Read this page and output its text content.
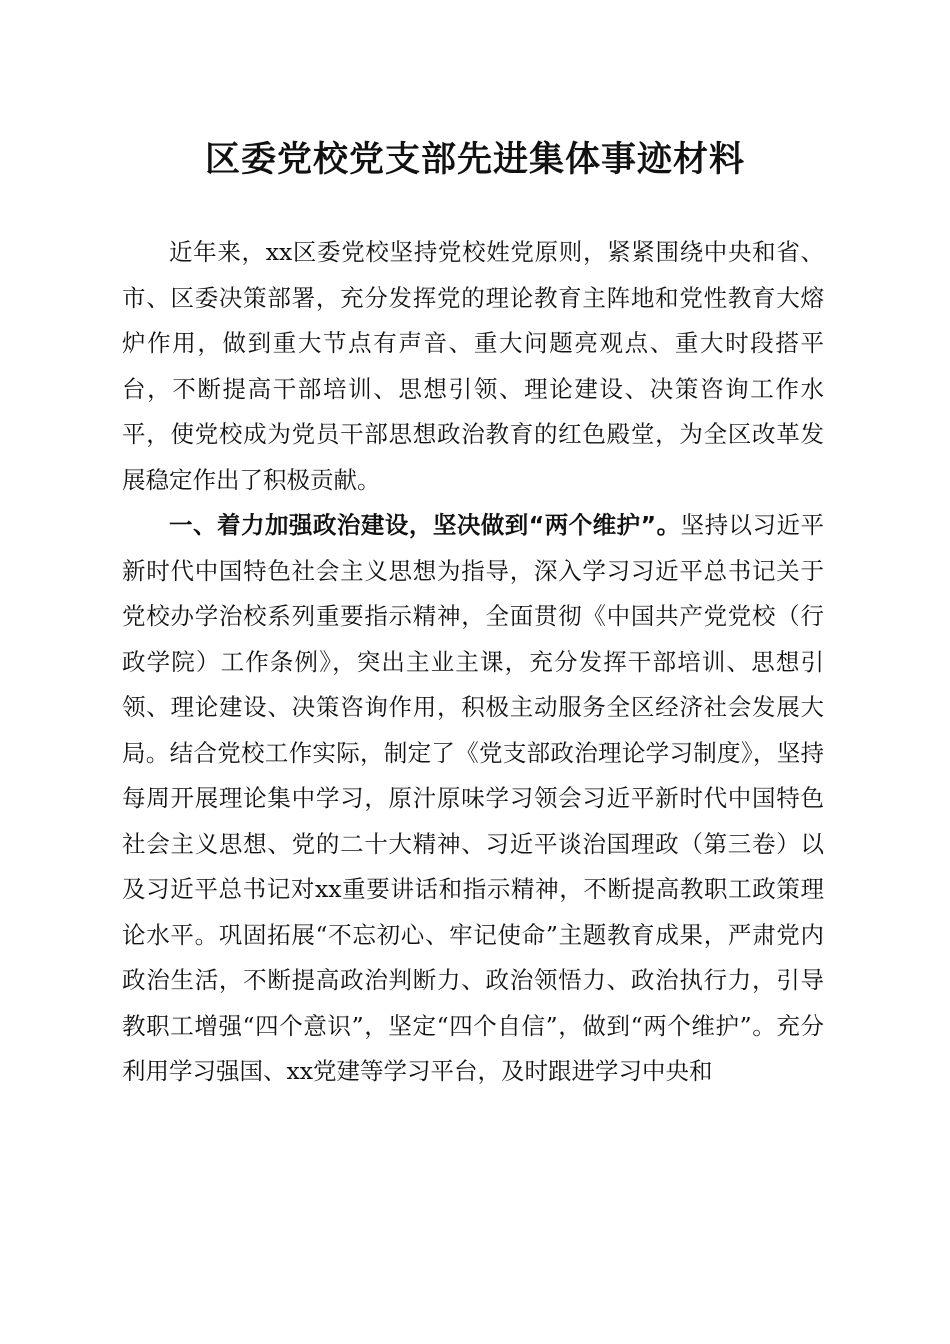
区委党校党支部先进集体事迹材料

近年来，xx区委党校坚持党校姓党原则，紧紧围绕中央和省、市、区委决策部署，充分发挥党的理论教育主阵地和党性教育大熔炉作用，做到重大节点有声音、重大问题亮观点、重大时段搭平台，不断提高干部培训、思想引领、理论建设、决策咨询工作水平，使党校成为党员干部思想政治教育的红色殿堂，为全区改革发展稳定作出了积极贡献。

一、着力加强政治建设，坚决做到“两个维护”。坚持以习近平新时代中国特色社会主义思想为指导，深入学习习近平总书记关于党校办学治校系列重要指示精神，全面贯彻《中国共产党党校（行政学院）工作条例》，突出主业主课，充分发挥干部培训、思想引领、理论建设、决策咨询作用，积极主动服务全区经济社会发展大局。结合党校工作实际，制定了《党支部政治理论学习制度》，坚持每周开展理论集中学习，原汁原味学习领会习近平新时代中国特色社会主义思想、党的二十大精神、习近平谈治国理政（第三卷）以及习近平总书记对xx重要讲话和指示精神，不断提高教职工政策理论水平。巩固拓展“不忘初心、牢记使命”主题教育成果，严肃党内政治生活，不断提高政治判断力、政治领悟力、政治执行力，引导教职工增强“四个意识”，坚定“四个自信”，做到“两个维护”。充分利用学习强国、xx党建等学习平台，及时跟进学习中央和
